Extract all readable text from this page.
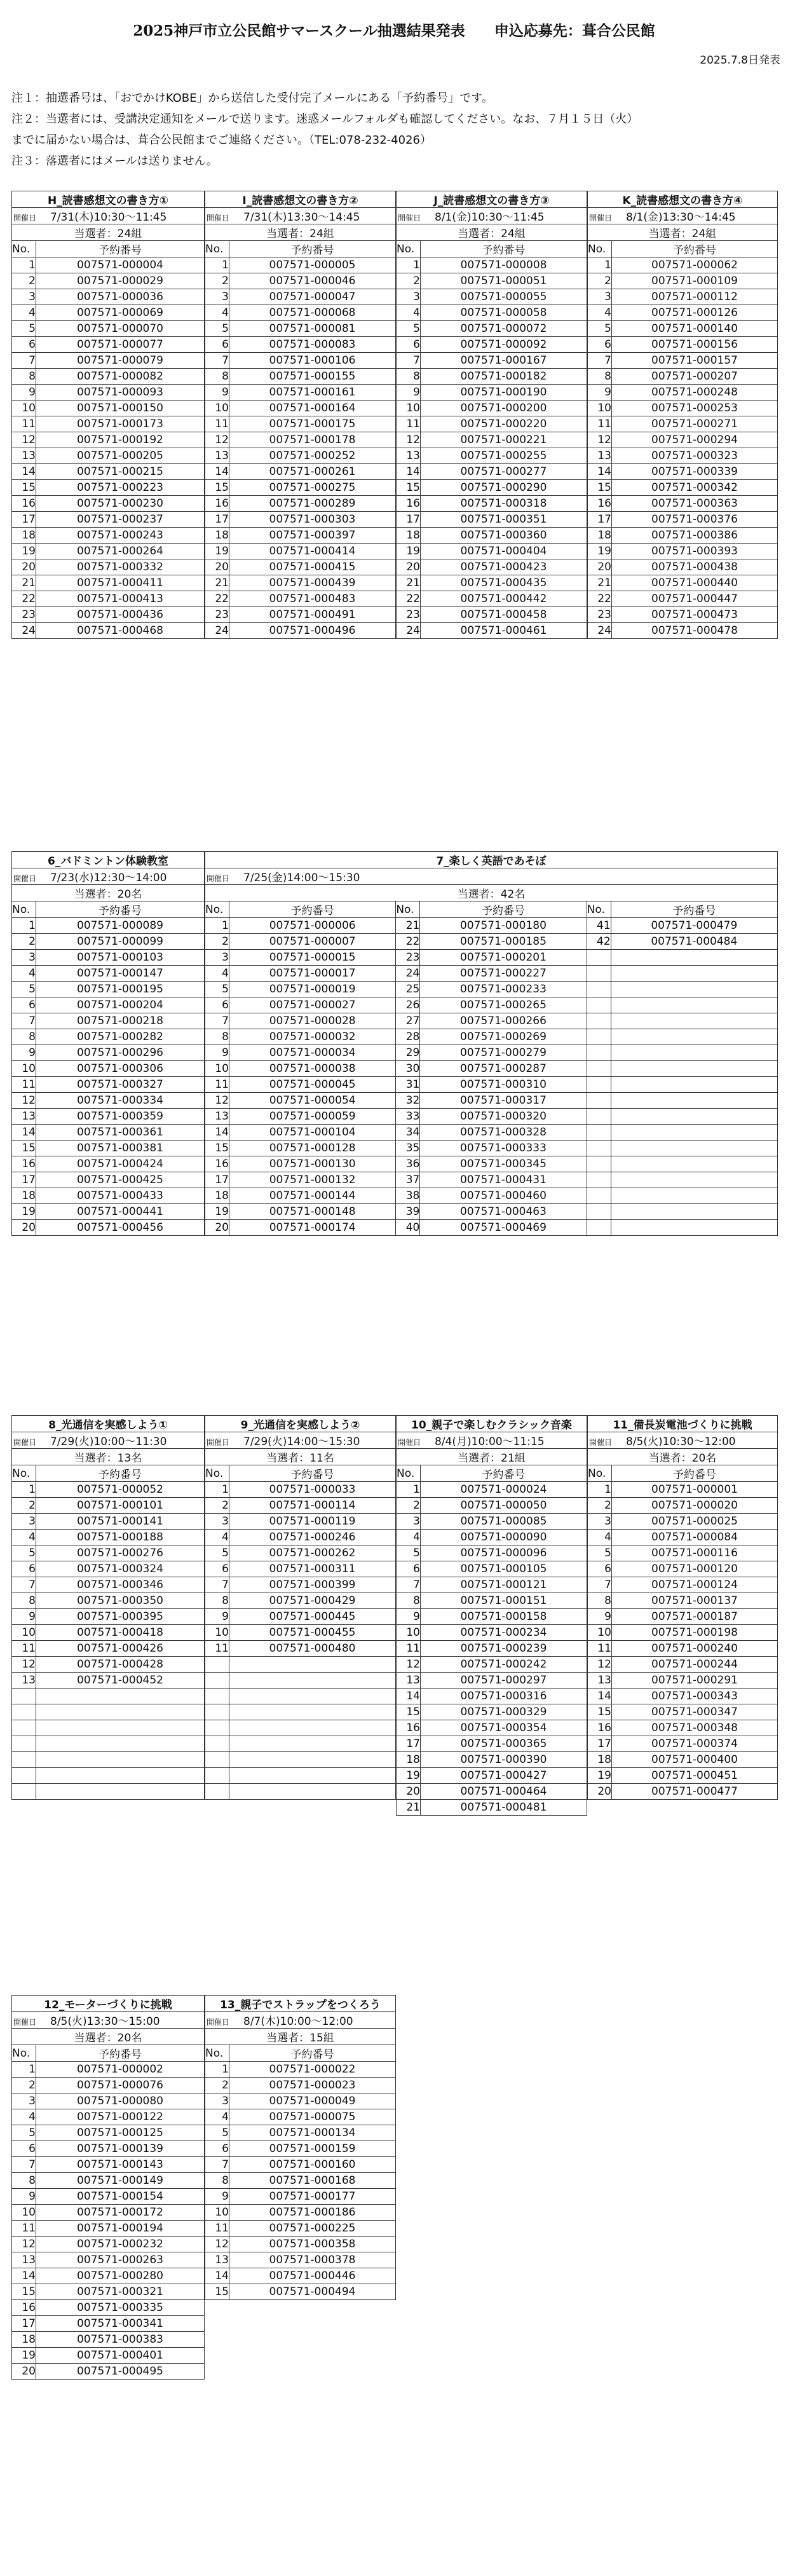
2025神戸市立公民館サマースクール抽選結果発表　　申込応募先：葺合公民館
2025.7.8日発表
注１：抽選番号は、「おでかけKOBE」から送信した受付完了メールにある「予約番号」です。
注２：当選者には、受講決定通知をメールで送ります。迷惑メールフォルダも確認してください。なお、７月１５日（火）
までに届かない場合は、葺合公民館までご連絡ください。（TEL:078-232-4026）
注３：落選者にはメールは送りません。
H_読書感想文の書き方①	
開催日 7/31(木)10:30～11:45	
当選者：24組	
No.	予約番号
1	007571-000004
2	007571-000029
3	007571-000036
4	007571-000069
5	007571-000070
6	007571-000077
7	007571-000079
8	007571-000082
9	007571-000093
10	007571-000150
11	007571-000173
12	007571-000192
13	007571-000205
14	007571-000215
15	007571-000223
16	007571-000230
17	007571-000237
18	007571-000243
19	007571-000264
20	007571-000332
21	007571-000411
22	007571-000413
23	007571-000436
24	007571-000468
I_読書感想文の書き方②	
開催日 7/31(木)13:30～14:45	
当選者：24組	
No.	予約番号
1	007571-000005
2	007571-000046
3	007571-000047
4	007571-000068
5	007571-000081
6	007571-000083
7	007571-000106
8	007571-000155
9	007571-000161
10	007571-000164
11	007571-000175
12	007571-000178
13	007571-000252
14	007571-000261
15	007571-000275
16	007571-000289
17	007571-000303
18	007571-000397
19	007571-000414
20	007571-000415
21	007571-000439
22	007571-000483
23	007571-000491
24	007571-000496
J_読書感想文の書き方③	
開催日 8/1(金)10:30～11:45	
当選者：24組	
No.	予約番号
1	007571-000008
2	007571-000051
3	007571-000055
4	007571-000058
5	007571-000072
6	007571-000092
7	007571-000167
8	007571-000182
9	007571-000190
10	007571-000200
11	007571-000220
12	007571-000221
13	007571-000255
14	007571-000277
15	007571-000290
16	007571-000318
17	007571-000351
18	007571-000360
19	007571-000404
20	007571-000423
21	007571-000435
22	007571-000442
23	007571-000458
24	007571-000461
K_読書感想文の書き方④	
開催日 8/1(金)13:30～14:45	
当選者：24組	
No.	予約番号
1	007571-000062
2	007571-000109
3	007571-000112
4	007571-000126
5	007571-000140
6	007571-000156
7	007571-000157
8	007571-000207
9	007571-000248
10	007571-000253
11	007571-000271
12	007571-000294
13	007571-000323
14	007571-000339
15	007571-000342
16	007571-000363
17	007571-000376
18	007571-000386
19	007571-000393
20	007571-000438
21	007571-000440
22	007571-000447
23	007571-000473
24	007571-000478
6_バドミントン体験教室	
開催日 7/23(水)12:30～14:00	
当選者：20名	
No.	予約番号
1	007571-000089
2	007571-000099
3	007571-000103
4	007571-000147
5	007571-000195
6	007571-000204
7	007571-000218
8	007571-000282
9	007571-000296
10	007571-000306
11	007571-000327
12	007571-000334
13	007571-000359
14	007571-000361
15	007571-000381
16	007571-000424
17	007571-000425
18	007571-000433
19	007571-000441
20	007571-000456
7_楽しく英語であそぼ					
開催日 7/25(金)14:00～15:30					
当選者：42名					
No.	予約番号	No.	予約番号	No.	予約番号
1	007571-000006	21	007571-000180	41	007571-000479
2	007571-000007	22	007571-000185	42	007571-000484
3	007571-000015	23	007571-000201		
4	007571-000017	24	007571-000227		
5	007571-000019	25	007571-000233		
6	007571-000027	26	007571-000265		
7	007571-000028	27	007571-000266		
8	007571-000032	28	007571-000269		
9	007571-000034	29	007571-000279		
10	007571-000038	30	007571-000287		
11	007571-000045	31	007571-000310		
12	007571-000054	32	007571-000317		
13	007571-000059	33	007571-000320		
14	007571-000104	34	007571-000328		
15	007571-000128	35	007571-000333		
16	007571-000130	36	007571-000345		
17	007571-000132	37	007571-000431		
18	007571-000144	38	007571-000460		
19	007571-000148	39	007571-000463		
20	007571-000174	40	007571-000469		
8_光通信を実感しよう①	
開催日 7/29(火)10:00～11:30	
当選者：13名	
No.	予約番号
1	007571-000052
2	007571-000101
3	007571-000141
4	007571-000188
5	007571-000276
6	007571-000324
7	007571-000346
8	007571-000350
9	007571-000395
10	007571-000418
11	007571-000426
12	007571-000428
13	007571-000452

9_光通信を実感しよう②	
開催日 7/29(火)14:00～15:30	
当選者：11名	
No.	予約番号
1	007571-000033
2	007571-000114
3	007571-000119
4	007571-000246
5	007571-000262
6	007571-000311
7	007571-000399
8	007571-000429
9	007571-000445
10	007571-000455
11	007571-000480

10_親子で楽しむクラシック音楽	
開催日 8/4(月)10:00～11:15	
当選者：21組	
No.	予約番号
1	007571-000024
2	007571-000050
3	007571-000085
4	007571-000090
5	007571-000096
6	007571-000105
7	007571-000121
8	007571-000151
9	007571-000158
10	007571-000234
11	007571-000239
12	007571-000242
13	007571-000297
14	007571-000316
15	007571-000329
16	007571-000354
17	007571-000365
18	007571-000390
19	007571-000427
20	007571-000464
21	007571-000481
11_備長炭電池づくりに挑戦	
開催日 8/5(火)10:30～12:00	
当選者：20名	
No.	予約番号
1	007571-000001
2	007571-000020
3	007571-000025
4	007571-000084
5	007571-000116
6	007571-000120
7	007571-000124
8	007571-000137
9	007571-000187
10	007571-000198
11	007571-000240
12	007571-000244
13	007571-000291
14	007571-000343
15	007571-000347
16	007571-000348
17	007571-000374
18	007571-000400
19	007571-000451
20	007571-000477
12_モーターづくりに挑戦	
開催日 8/5(火)13:30～15:00	
当選者：20名	
No.	予約番号
1	007571-000002
2	007571-000076
3	007571-000080
4	007571-000122
5	007571-000125
6	007571-000139
7	007571-000143
8	007571-000149
9	007571-000154
10	007571-000172
11	007571-000194
12	007571-000232
13	007571-000263
14	007571-000280
15	007571-000321
16	007571-000335
17	007571-000341
18	007571-000383
19	007571-000401
20	007571-000495
13_親子でストラップをつくろう	
開催日 8/7(木)10:00～12:00	
当選者：15組	
No.	予約番号
1	007571-000022
2	007571-000023
3	007571-000049
4	007571-000075
5	007571-000134
6	007571-000159
7	007571-000160
8	007571-000168
9	007571-000177
10	007571-000186
11	007571-000225
12	007571-000358
13	007571-000378
14	007571-000446
15	007571-000494
